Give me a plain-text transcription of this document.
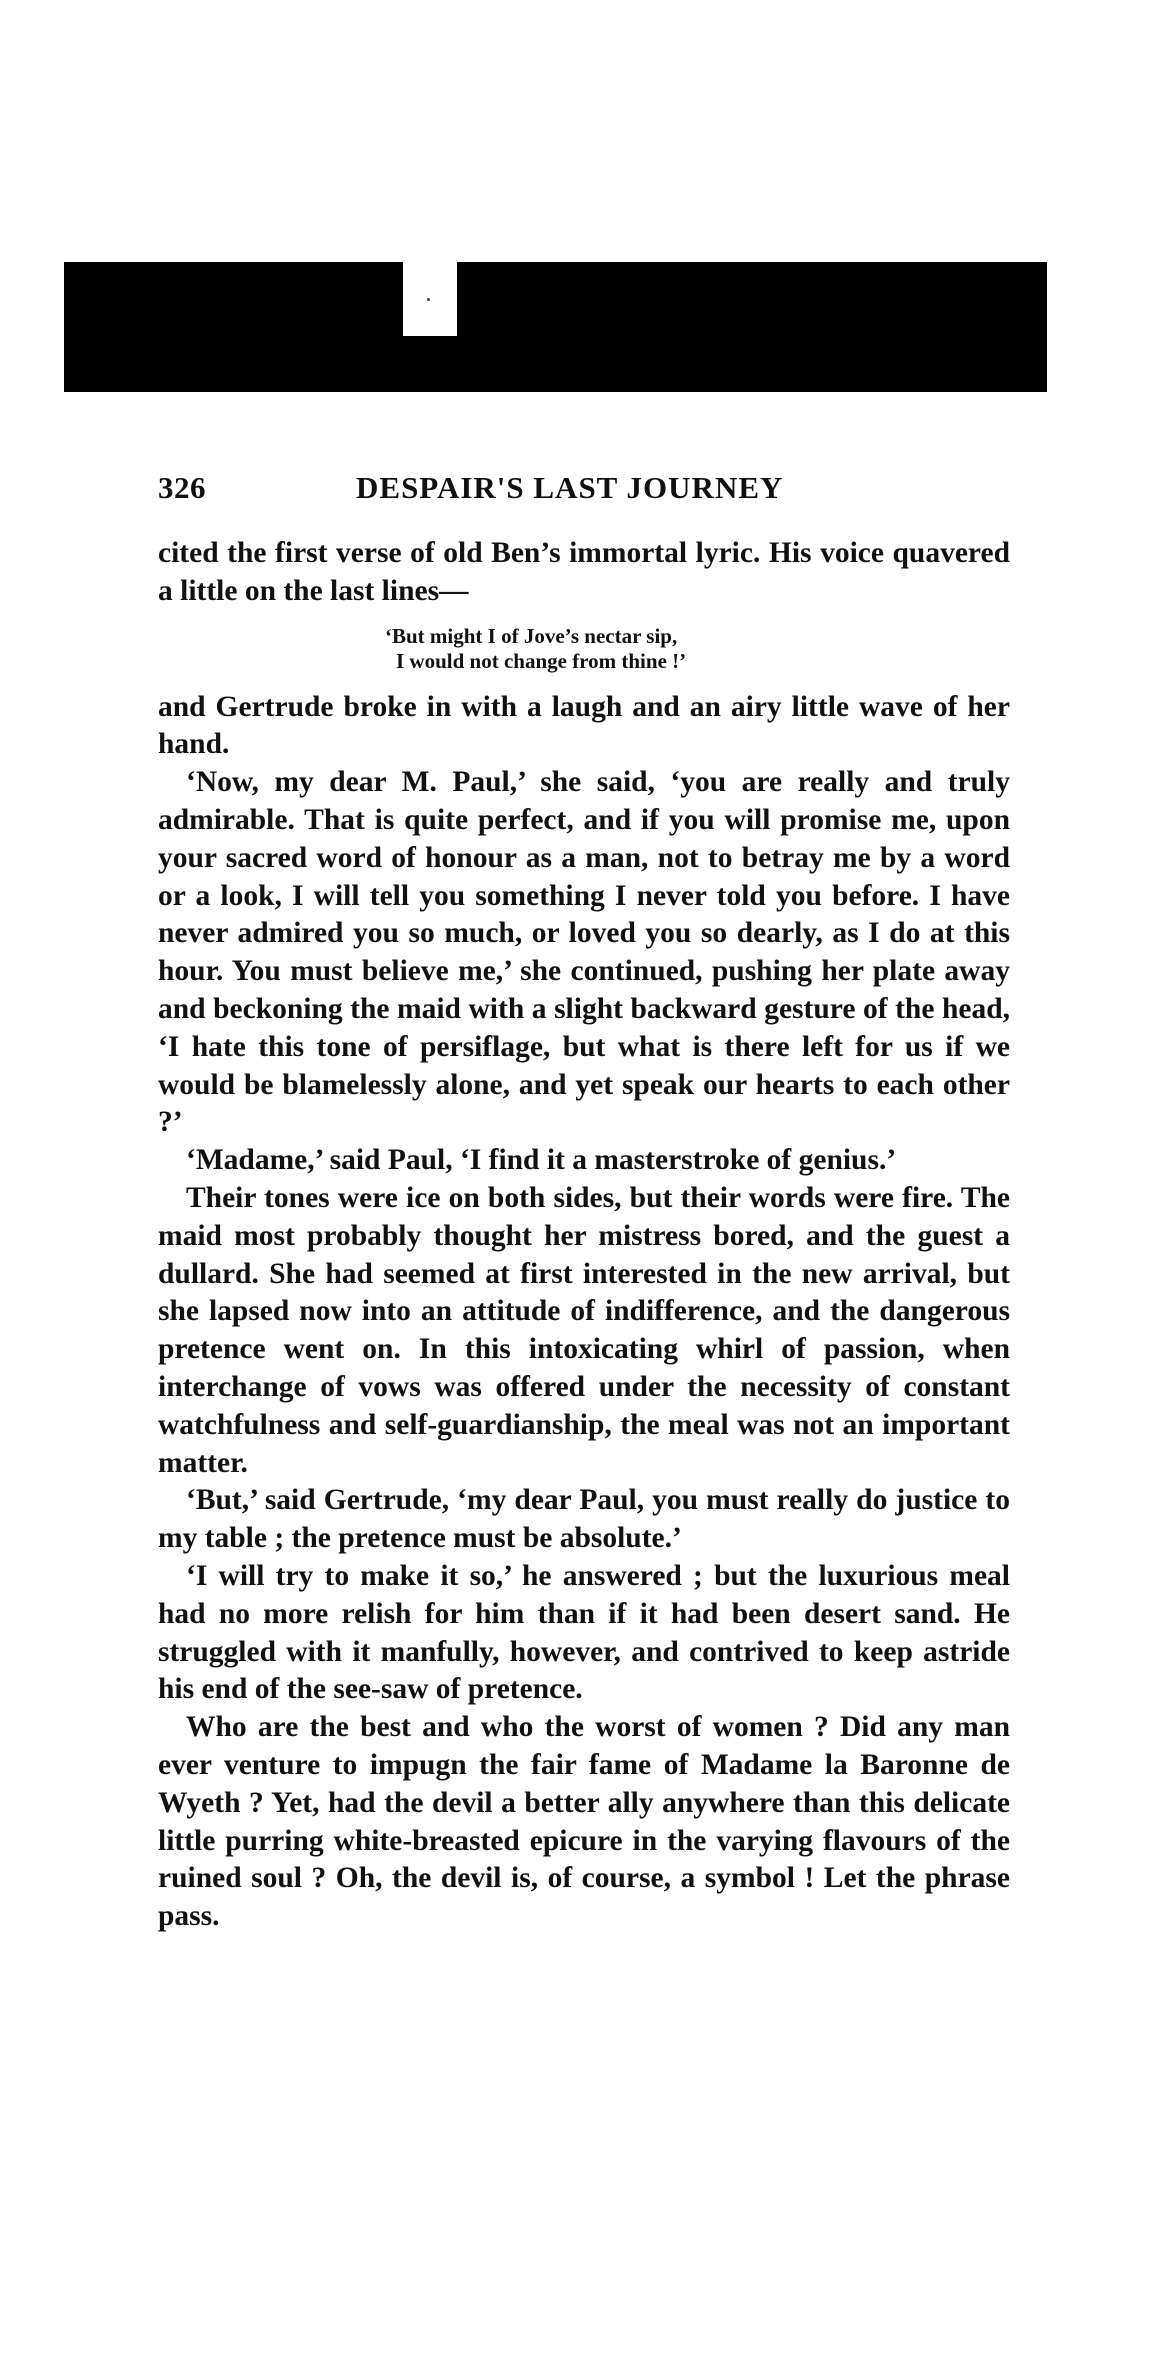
326	DESPAIR'S LAST JOURNEY

cited the first verse of old Ben’s immortal lyric. His voice quavered a little on the last lines—

‘But might I of Jove’s nectar sip,
I would not change from thine !’

and Gertrude broke in with a laugh and an airy little wave of her hand.

‘Now, my dear M. Paul,’ she said, ‘you are really and truly admirable. That is quite perfect, and if you will promise me, upon your sacred word of honour as a man, not to betray me by a word or a look, I will tell you something I never told you before. I have never admired you so much, or loved you so dearly, as I do at this hour. You must believe me,’ she continued, pushing her plate away and beckoning the maid with a slight backward gesture of the head, ‘I hate this tone of persiflage, but what is there left for us if we would be blamelessly alone, and yet speak our hearts to each other ?’

‘Madame,’ said Paul, ‘I find it a masterstroke of genius.’

Their tones were ice on both sides, but their words were fire. The maid most probably thought her mistress bored, and the guest a dullard. She had seemed at first interested in the new arrival, but she lapsed now into an attitude of indifference, and the dangerous pretence went on. In this intoxicating whirl of passion, when interchange of vows was offered under the necessity of constant watchfulness and self-guardianship, the meal was not an important matter.

‘But,’ said Gertrude, ‘my dear Paul, you must really do justice to my table ; the pretence must be absolute.’

‘I will try to make it so,’ he answered ; but the luxurious meal had no more relish for him than if it had been desert sand. He struggled with it manfully, however, and contrived to keep astride his end of the see-saw of pretence.

Who are the best and who the worst of women ? Did any man ever venture to impugn the fair fame of Madame la Baronne de Wyeth ? Yet, had the devil a better ally anywhere than this delicate little purring white-breasted epicure in the varying flavours of the ruined soul ? Oh, the devil is, of course, a symbol ! Let the phrase pass.
